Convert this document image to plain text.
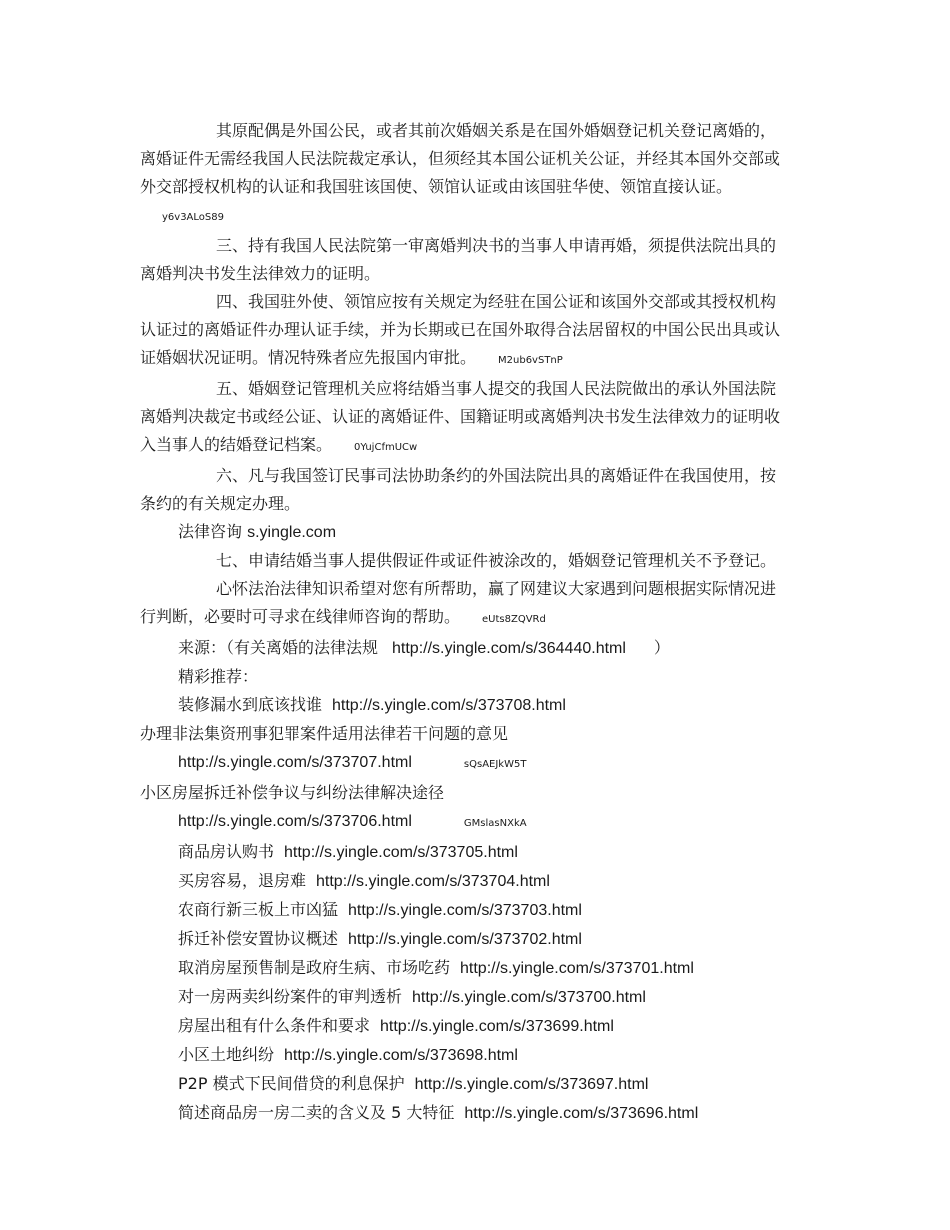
其原配偶是外国公民，或者其前次婚姻关系是在国外婚姻登记机关登记离婚的，离婚证件无需经我国人民法院裁定承认，但须经其本国公证机关公证，并经其本国外交部或外交部授权机构的认证和我国驻该国使、领馆认证或由该国驻华使、领馆直接认证。y6v3ALoS89

三、持有我国人民法院第一审离婚判决书的当事人申请再婚，须提供法院出具的离婚判决书发生法律效力的证明。

四、我国驻外使、领馆应按有关规定为经驻在国公证和该国外交部或其授权机构认证过的离婚证件办理认证手续，并为长期或已在国外取得合法居留权的中国公民出具或认证婚姻状况证明。情况特殊者应先报国内审批。 M2ub6vSTnP

五、婚姻登记管理机关应将结婚当事人提交的我国人民法院做出的承认外国法院离婚判决裁定书或经公证、认证的离婚证件、国籍证明或离婚判决书发生法律效力的证明收入当事人的结婚登记档案。 0YujCfmUCw

六、凡与我国签订民事司法协助条约的外国法院出具的离婚证件在我国使用，按条约的有关规定办理。

法律咨询 s.yingle.com

七、申请结婚当事人提供假证件或证件被涂改的，婚姻登记管理机关不予登记。

心怀法治法律知识希望对您有所帮助，赢了网建议大家遇到问题根据实际情况进行判断，必要时可寻求在线律师咨询的帮助。 eUts8ZQVRd

来源：（有关离婚的法律法规 http://s.yingle.com/s/364440.html ）

精彩推荐：

装修漏水到底该找谁 http://s.yingle.com/s/373708.html

办理非法集资刑事犯罪案件适用法律若干问题的意见
http://s.yingle.com/s/373707.html	sQsAEJkW5T

小区房屋拆迁补偿争议与纠纷法律解决途径
http://s.yingle.com/s/373706.html	GMslasNXkA

商品房认购书 http://s.yingle.com/s/373705.html

买房容易，退房难 http://s.yingle.com/s/373704.html

农商行新三板上市凶猛 http://s.yingle.com/s/373703.html

拆迁补偿安置协议概述 http://s.yingle.com/s/373702.html

取消房屋预售制是政府生病、市场吃药 http://s.yingle.com/s/373701.html

对一房两卖纠纷案件的审判透析 http://s.yingle.com/s/373700.html

房屋出租有什么条件和要求 http://s.yingle.com/s/373699.html

小区土地纠纷 http://s.yingle.com/s/373698.html

P2P 模式下民间借贷的利息保护 http://s.yingle.com/s/373697.html

简述商品房一房二卖的含义及 5 大特征 http://s.yingle.com/s/373696.html
